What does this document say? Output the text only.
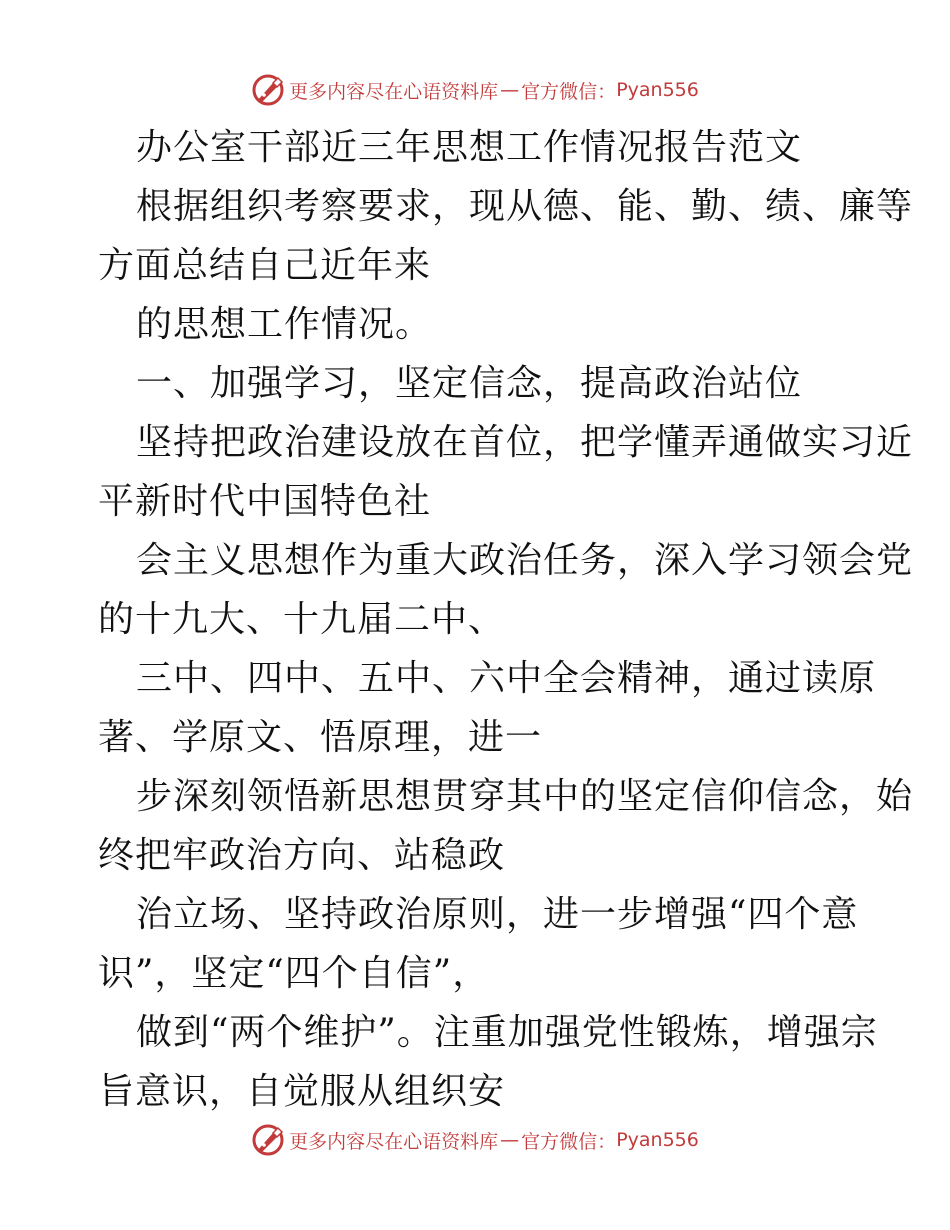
更多内容尽在心语资料库 — 官方微信： Pyan556

办公室干部近三年思想工作情况报告范文

根据组织考察要求，现从德、能、勤、绩、廉等

方面总结自己近年来

的思想工作情况。

一、加强学习，坚定信念，提高政治站位

坚持把政治建设放在首位，把学懂弄通做实习近

平新时代中国特色社

会主义思想作为重大政治任务，深入学习领会党

的十九大、十九届二中、

三中、四中、五中、六中全会精神，通过读原

著、学原文、悟原理，进一

步深刻领悟新思想贯穿其中的坚定信仰信念，始

终把牢政治方向、站稳政

治立场、坚持政治原则，进一步增强“四个意

识”，坚定“四个自信”，

做到“两个维护”。注重加强党性锻炼，增强宗

旨意识，自觉服从组织安

更多内容尽在心语资料库 — 官方微信： Pyan556
